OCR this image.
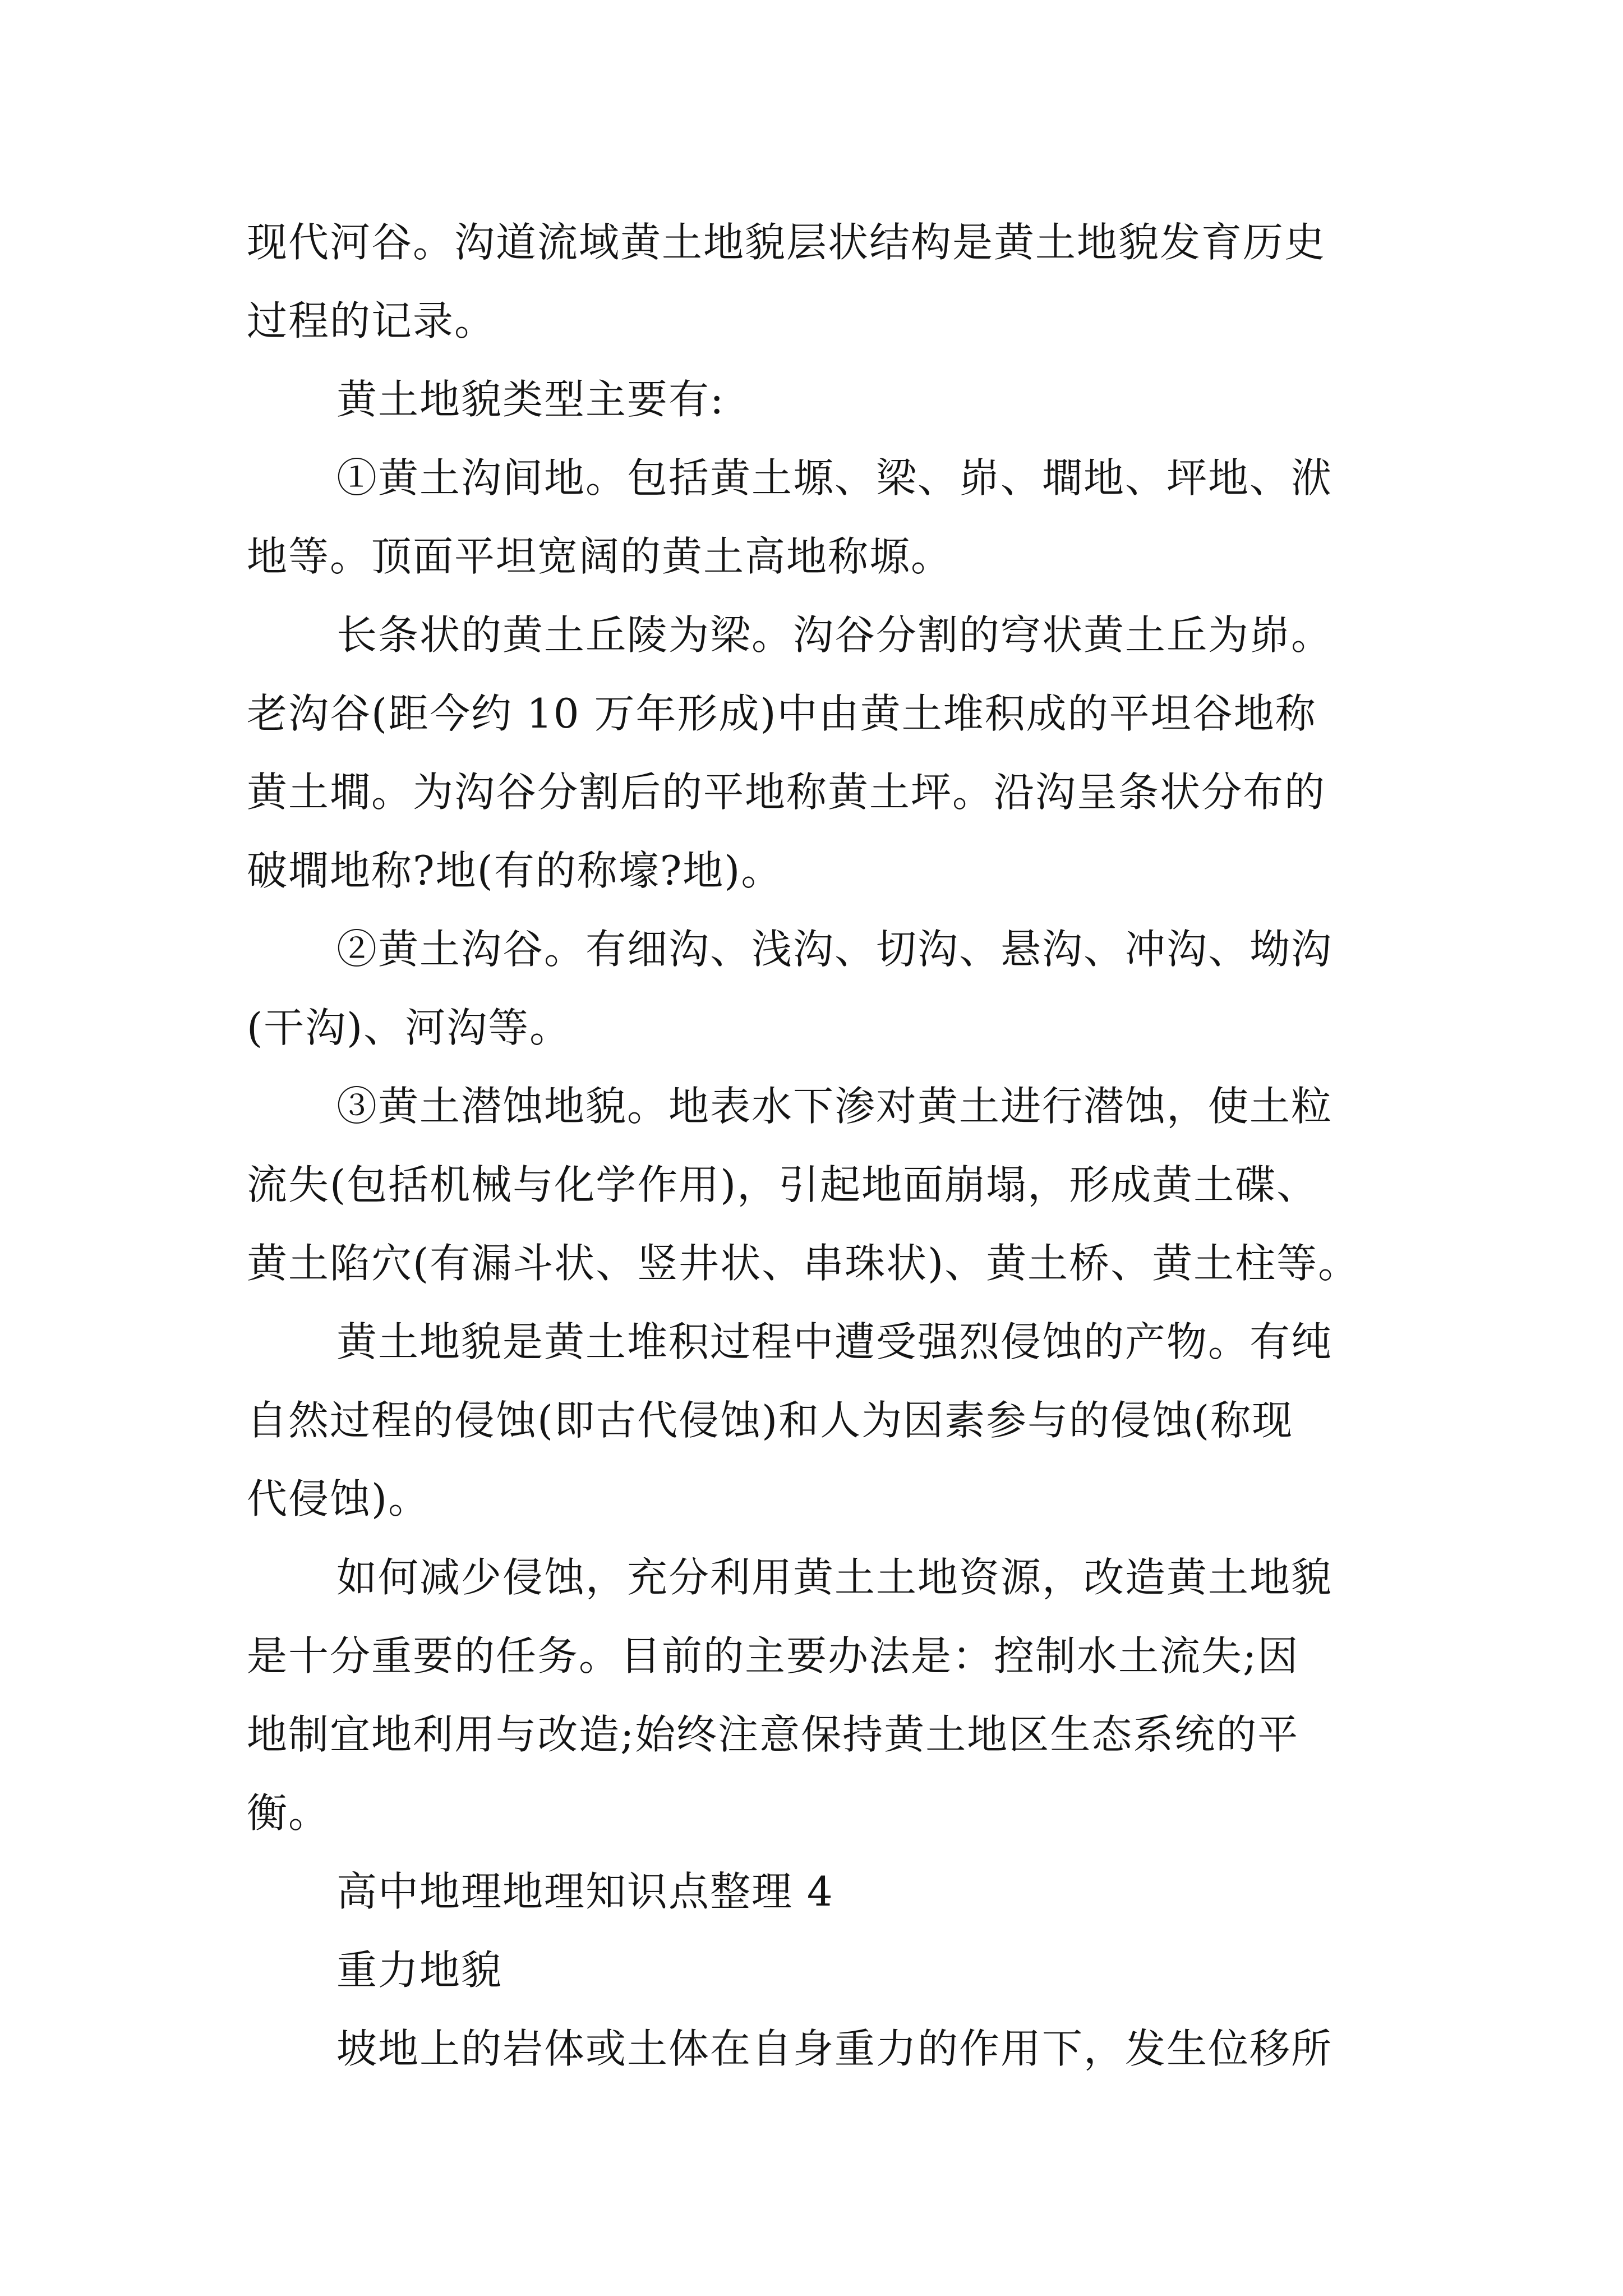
现代河谷。沟道流域黄土地貌层状结构是黄土地貌发育历史
过程的记录。
黄土地貌类型主要有:
①黄土沟间地。包括黄土塬、梁、峁、墹地、坪地、洑
地等。顶面平坦宽阔的黄土高地称塬。
长条状的黄土丘陵为梁。沟谷分割的穹状黄土丘为峁。
老沟谷(距今约 10 万年形成)中由黄土堆积成的平坦谷地称
黄土墹。为沟谷分割后的平地称黄土坪。沿沟呈条状分布的
破墹地称?地(有的称壕?地)。
②黄土沟谷。有细沟、浅沟、切沟、悬沟、冲沟、坳沟
(干沟)、河沟等。
③黄土潜蚀地貌。地表水下渗对黄土进行潜蚀，使土粒
流失(包括机械与化学作用)，引起地面崩塌，形成黄土碟、
黄土陷穴(有漏斗状、竖井状、串珠状)、黄土桥、黄土柱等。
黄土地貌是黄土堆积过程中遭受强烈侵蚀的产物。有纯
自然过程的侵蚀(即古代侵蚀)和人为因素参与的侵蚀(称现
代侵蚀)。
如何减少侵蚀，充分利用黄土土地资源，改造黄土地貌
是十分重要的任务。目前的主要办法是：控制水土流失;因
地制宜地利用与改造;始终注意保持黄土地区生态系统的平
衡。
高中地理地理知识点整理 4
重力地貌
坡地上的岩体或土体在自身重力的作用下，发生位移所
